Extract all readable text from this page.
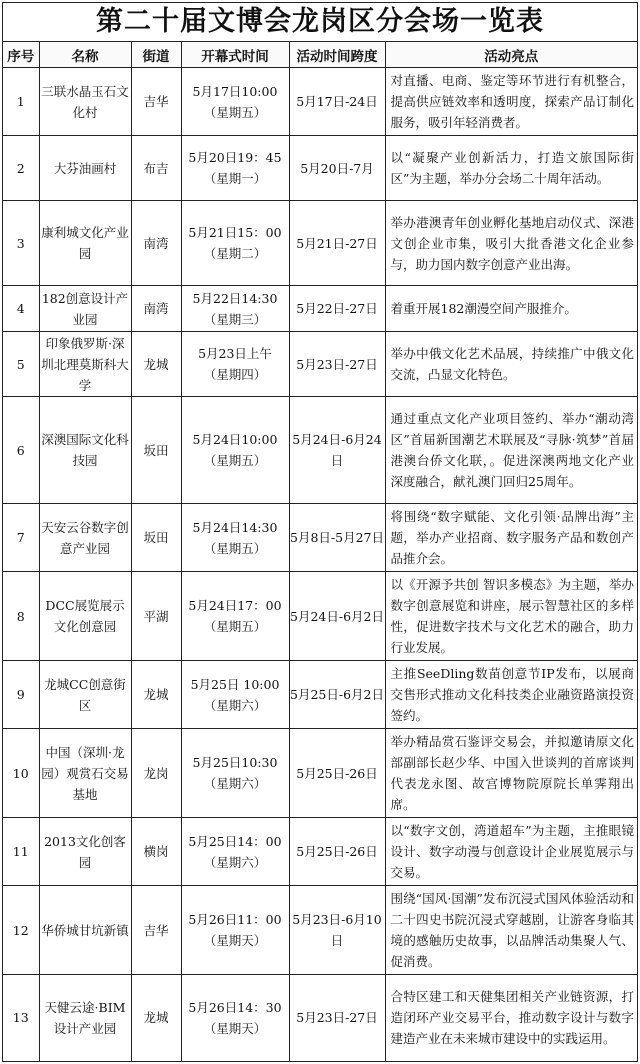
第二十届文博会龙岗区分会场一览表
序号	名称	街道	开幕式时间	活动时间跨度	活动亮点
1	三联水晶玉石文化村	吉华	5月17日10:00
（星期五）	5月17日-24日	对直播、电商、鉴定等环节进行有机整合，提高供应链效率和透明度，探索产品订制化服务，吸引年轻消费者。
2	大芬油画村	布吉	5月20日19：45
（星期一）	5月20日-7月	以“凝聚产业创新活力，打造文旅国际街区”为主题，举办分会场二十周年活动。
3	康利城文化产业园	南湾	5月21日15：00
（星期二）	5月21日-27日	举办港澳青年创业孵化基地启动仪式、深港文创企业市集，吸引大批香港文化企业参与，助力国内数字创意产业出海。
4	182创意设计产业园	南湾	5月22日14:30
（星期三）	5月22日-27日	着重开展182潮漫空间产服推介。
5	印象俄罗斯·深圳北理莫斯科大学	龙城	5月23日上午
（星期四）	5月23日-27日	举办中俄文化艺术品展，持续推广中俄文化交流，凸显文化特色。
6	深澳国际文化科技园	坂田	5月24日10:00
（星期五）	5月24日-6月24日	通过重点文化产业项目签约、举办“潮动湾区”首届新国潮艺术联展及“寻脉·筑梦”首届港澳台侨文化联，。促进深澳两地文化产业深度融合，献礼澳门回归25周年。
7	天安云谷数字创意产业园	坂田	5月24日14:30
（星期五）	5月8日-5月27日	将围绕“数字赋能、文化引领·品牌出海”主题，举办产业招商、数字服务产品和数创产品推介会。
8	DCC展览展示文化创意园	平湖	5月24日17：00
（星期五）	5月24日-6月2日	以《开源予共创 智识多模态》为主题，举办数字创意展览和讲座，展示智慧社区的多样性，促进数字技术与文化艺术的融合，助力行业发展。
9	龙城CC创意街区	龙城	5月25日 10:00
（星期六）	5月25日-6月2日	主推SeeDling数苗创意节IP发布，以展商交售形式推动文化科技类企业融资路演投资签约。
10	中国（深圳·龙园）观赏石交易基地	龙岗	5月25日10:30
（星期六）	5月25日-26日	举办精品赏石鉴评交易会，并拟邀请原文化部副部长赵少华、中国入世谈判的首席谈判代表龙永图、故宫博物院原院长单霁翔出席。
11	2013文化创客园	横岗	5月25日14：00
（星期六）	5月25日-26日	以“数字文创，湾道超车”为主题，主推眼镜设计、数字动漫与创意设计企业展览展示与交易。
12	华侨城甘坑新镇	吉华	5月26日11：00
（星期天）	5月23日-6月10日	围绕“国风·国潮”发布沉浸式国风体验活动和二十四史书院沉浸式穿越剧，让游客身临其境的感触历史故事，以品牌活动集聚人气、促消费。
13	天健云途·BIM设计产业园	龙城	5月26日14：30
（星期天）	5月23日-27日	合特区建工和天健集团相关产业链资源，打造闭环产业交易平台，推动数字设计与数字建造产业在未来城市建设中的实践运用。
